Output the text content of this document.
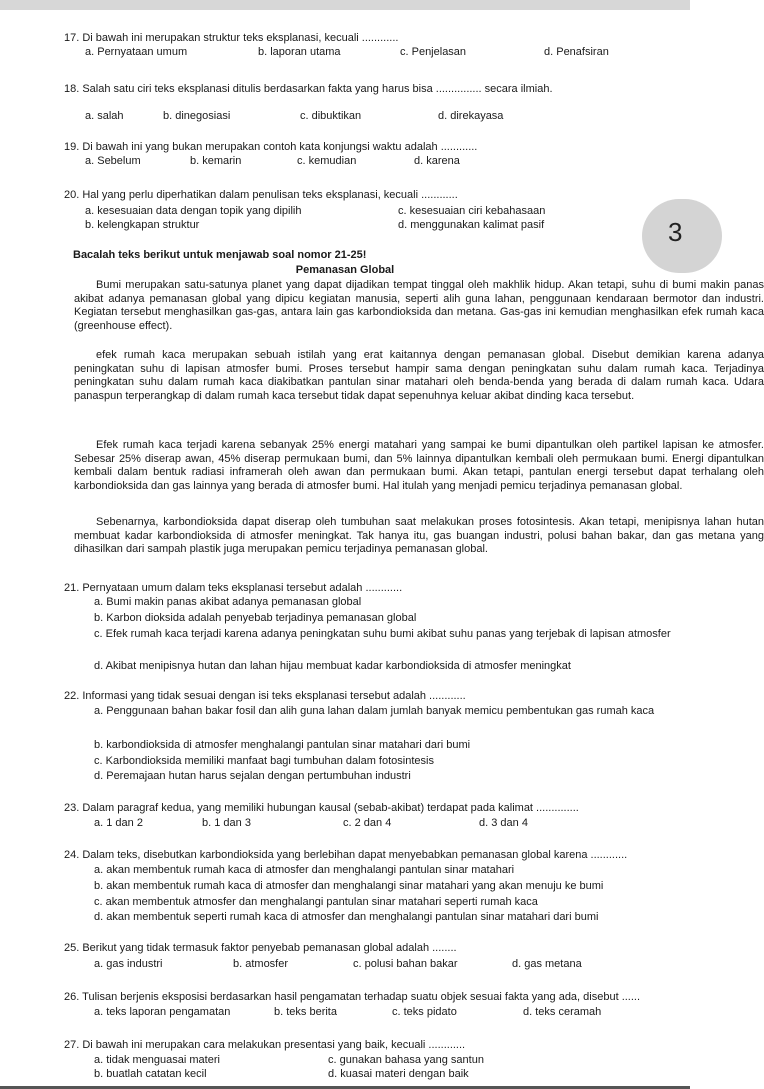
17. Di bawah ini merupakan struktur teks eksplanasi, kecuali ............
a. Pernyataan umum	b. laporan utama	c. Penjelasan	d. Penafsiran
18. Salah satu ciri teks eksplanasi ditulis berdasarkan fakta yang harus bisa ............... secara ilmiah.
a. salah	b. dinegosiasi	c. dibuktikan	d. direkayasa
19. Di bawah ini yang bukan merupakan contoh kata konjungsi waktu adalah ............
a. Sebelum	b. kemarin	c. kemudian	d. karena
20. Hal yang perlu diperhatikan dalam penulisan teks eksplanasi, kecuali ............
a. kesesuaian data dengan topik yang dipilih
b. kelengkapan struktur
c. kesesuaian ciri kebahasaan
d. menggunakan kalimat pasif	3
Bacalah teks berikut untuk menjawab soal nomor 21-25!
Pemanasan Global
Bumi merupakan satu-satunya planet yang dapat dijadikan tempat tinggal oleh makhlik hidup. Akan tetapi, suhu di bumi makin panas akibat adanya pemanasan global yang dipicu kegiatan manusia, seperti alih guna lahan, penggunaan kendaraan bermotor dan industri. Kegiatan tersebut menghasilkan gas-gas, antara lain gas karbondioksida dan metana. Gas-gas ini kemudian menghasilkan efek rumah kaca (greenhouse effect).
efek rumah kaca merupakan sebuah istilah yang erat kaitannya dengan pemanasan global. Disebut demikian karena adanya peningkatan suhu di lapisan atmosfer bumi. Proses tersebut hampir sama dengan peningkatan suhu dalam rumah kaca. Terjadinya peningkatan suhu dalam rumah kaca diakibatkan pantulan sinar matahari oleh benda-benda yang berada di dalam rumah kaca. Udara panaspun terperangkap di dalam rumah kaca tersebut tidak dapat sepenuhnya keluar akibat dinding kaca tersebut.
Efek rumah kaca terjadi karena sebanyak 25% energi matahari yang sampai ke bumi dipantulkan oleh partikel lapisan ke atmosfer. Sebesar 25% diserap awan, 45% diserap permukaan bumi, dan 5% lainnya dipantulkan kembali oleh permukaan bumi. Energi dipantulkan kembali dalam bentuk radiasi inframerah oleh awan dan permukaan bumi. Akan tetapi, pantulan energi tersebut dapat terhalang oleh karbondioksida dan gas lainnya yang berada di atmosfer bumi. Hal itulah yang menjadi pemicu terjadinya pemanasan global.
Sebenarnya, karbondioksida dapat diserap oleh tumbuhan saat melakukan proses fotosintesis. Akan tetapi, menipisnya lahan hutan membuat kadar karbondioksida di atmosfer meningkat. Tak hanya itu, gas buangan industri, polusi bahan bakar, dan gas metana yang dihasilkan dari sampah plastik juga merupakan pemicu terjadinya pemanasan global.
21. Pernyataan umum dalam teks eksplanasi tersebut adalah ............
a. Bumi makin panas akibat adanya pemanasan global
b. Karbon dioksida adalah penyebab terjadinya pemanasan global
c. Efek rumah kaca terjadi karena adanya peningkatan suhu bumi akibat suhu panas yang terjebak di lapisan atmosfer
d. Akibat menipisnya hutan dan lahan hijau membuat kadar karbondioksida di atmosfer meningkat
22. Informasi yang tidak sesuai dengan isi teks eksplanasi tersebut adalah ............
a. Penggunaan bahan bakar fosil dan alih guna lahan dalam jumlah banyak memicu pembentukan gas rumah kaca
b. karbondioksida di atmosfer menghalangi pantulan sinar matahari dari bumi
c. Karbondioksida memiliki manfaat bagi tumbuhan dalam fotosintesis
d. Peremajaan hutan harus sejalan dengan pertumbuhan industri
23. Dalam paragraf kedua, yang memiliki hubungan kausal (sebab-akibat) terdapat pada kalimat ..............
a. 1 dan 2	b. 1 dan 3	c. 2 dan 4	d. 3 dan 4
24. Dalam teks, disebutkan karbondioksida yang berlebihan dapat menyebabkan pemanasan global karena ............
a. akan membentuk rumah kaca di atmosfer dan menghalangi pantulan sinar matahari
b. akan membentuk rumah kaca di atmosfer dan menghalangi sinar matahari yang akan menuju ke bumi
c. akan membentuk atmosfer dan menghalangi pantulan sinar matahari seperti rumah kaca
d. akan membentuk seperti rumah kaca di atmosfer dan menghalangi pantulan sinar matahari dari bumi
25. Berikut yang tidak termasuk faktor penyebab pemanasan global adalah ........
a. gas industri	b. atmosfer	c. polusi bahan bakar	d. gas metana
26. Tulisan berjenis eksposisi berdasarkan hasil pengamatan terhadap suatu objek sesuai fakta yang ada, disebut ......
a. teks laporan pengamatan	b. teks berita	c. teks pidato	d. teks ceramah
27. Di bawah ini merupakan cara melakukan presentasi yang baik, kecuali ............
a. tidak menguasai materi
b. buatlah catatan kecil
c. gunakan bahasa yang santun
d. kuasai materi dengan baik
